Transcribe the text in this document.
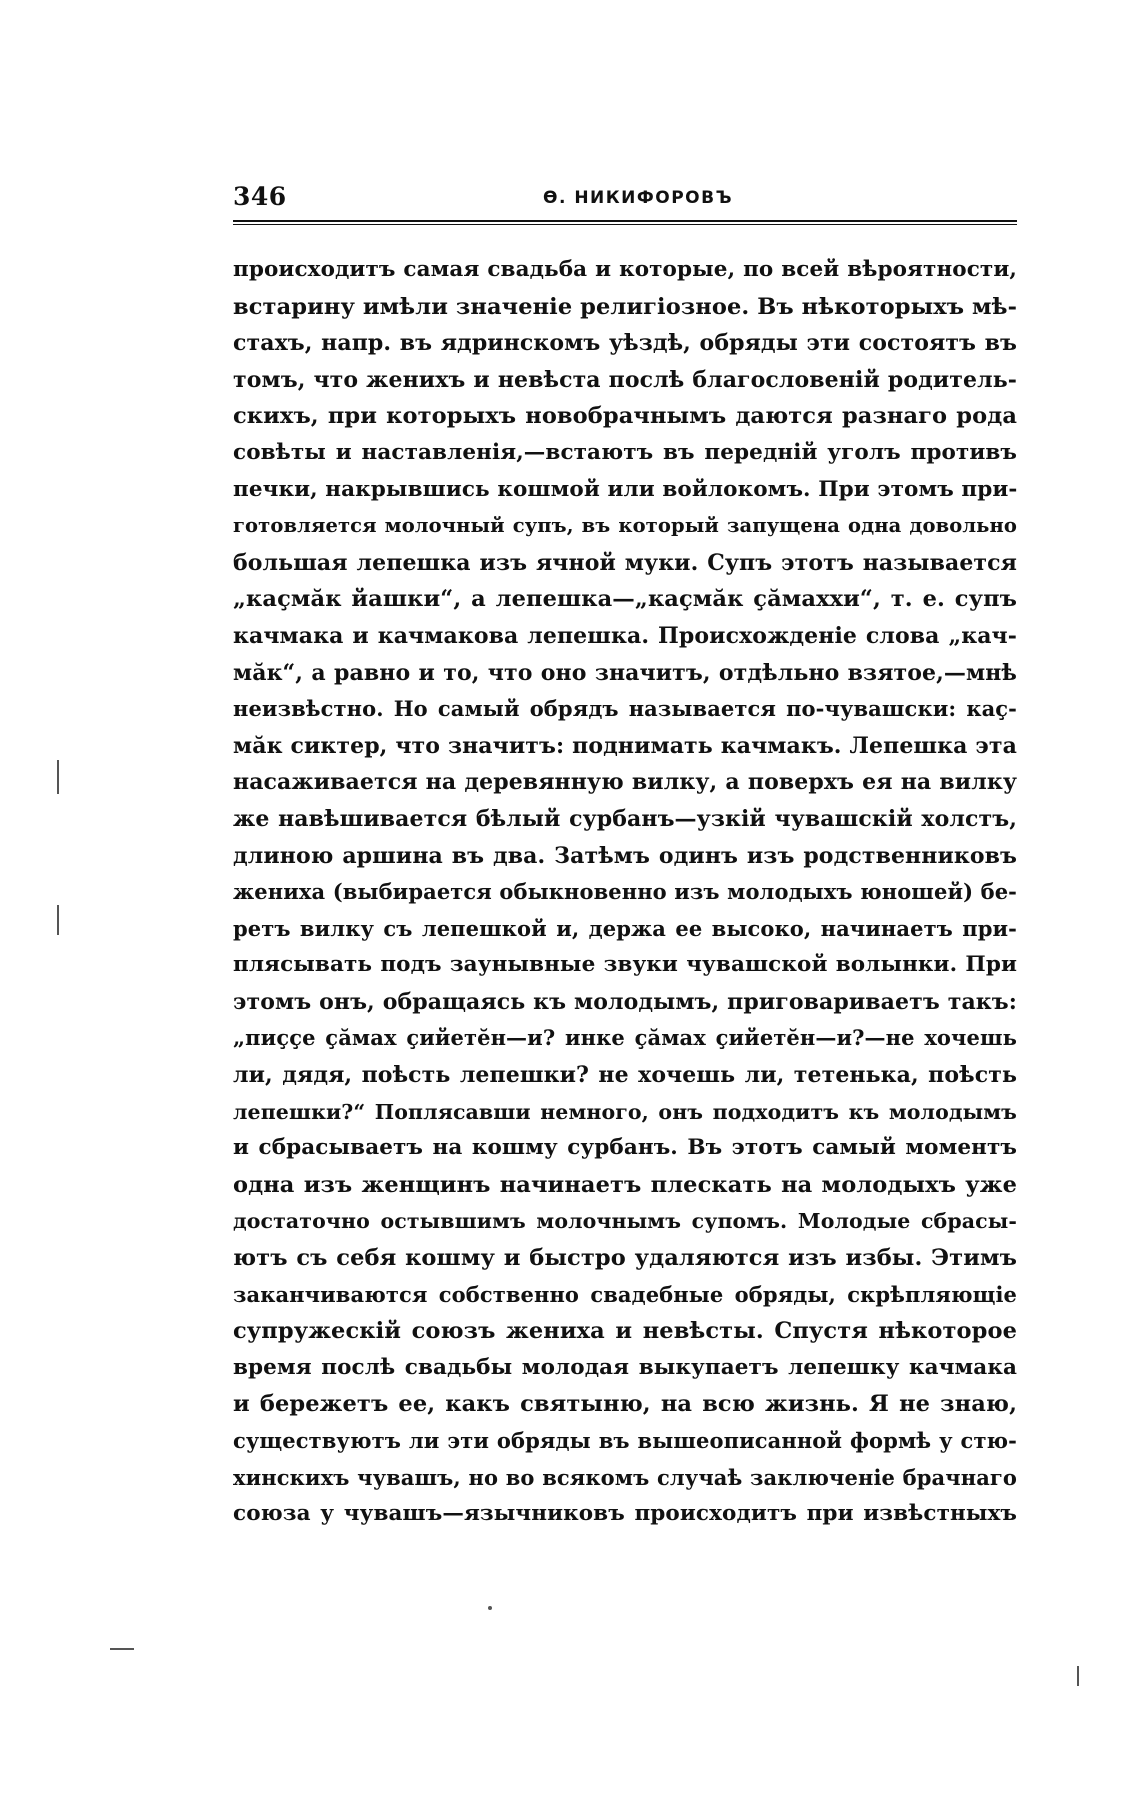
346	Ѳ. НИКИФОРОВЪ
происходитъ самая свадьба и которые, по всей вѣроятности,
встарину имѣли значенiе религiозное. Въ нѣкоторыхъ мѣ-
стахъ, напр. въ ядринскомъ уѣздѣ, обряды эти состоятъ въ
томъ, что женихъ и невѣста послѣ благословенiй родитель-
скихъ, при которыхъ новобрачнымъ даются разнаго рода
совѣты и наставленiя,—встаютъ въ переднiй уголъ противъ
печки, накрывшись кошмой или войлокомъ. При этомъ при-
готовляется молочный супъ, въ который запущена одна довольно
большая лепешка изъ ячной муки. Супъ этотъ называется
„каҫмăк йашки“, а лепешка—„каҫмăк ҫăмаххи“, т. е. супъ
качмака и качмакова лепешка. Происхожденiе слова „кач-
мăк“, а равно и то, что оно значитъ, отдѣльно взятое,—мнѣ
неизвѣстно. Но самый обрядъ называется по-чувашски: каҫ-
мăк сиктер, что значитъ: поднимать качмакъ. Лепешка эта
насаживается на деревянную вилку, а поверхъ ея на вилку
же навѣшивается бѣлый сурбанъ—узкiй чувашскiй холстъ,
длиною аршина въ два. Затѣмъ одинъ изъ родственниковъ
жениха (выбирается обыкновенно изъ молодыхъ юношей) бе-
ретъ вилку съ лепешкой и, держа ее высоко, начинаетъ при-
плясывать подъ заунывные звуки чувашской волынки. При
этомъ онъ, обращаясь къ молодымъ, приговариваетъ такъ:
„пиҫҫе ҫăмах ҫийетĕн—и? инке ҫăмах ҫийетĕн—и?—не хочешь
ли, дядя, поѣсть лепешки? не хочешь ли, тетенька, поѣсть
лепешки?“ Поплясавши немного, онъ подходитъ къ молодымъ
и сбрасываетъ на кошму сурбанъ. Въ этотъ самый моментъ
одна изъ женщинъ начинаетъ плескать на молодыхъ уже
достаточно остывшимъ молочнымъ супомъ. Молодые сбрасы-
ютъ съ себя кошму и быстро удаляются изъ избы. Этимъ
заканчиваются собственно свадебные обряды, скрѣпляющiе
супружескiй союзъ жениха и невѣсты. Спустя нѣкоторое
время послѣ свадьбы молодая выкупаетъ лепешку качмака
и бережетъ ее, какъ святыню, на всю жизнь. Я не знаю,
существуютъ ли эти обряды въ вышеописанной формѣ у стю-
хинскихъ чувашъ, но во всякомъ случаѣ заключенiе брачнаго
союза у чувашъ—язычниковъ происходитъ при извѣстныхъ
